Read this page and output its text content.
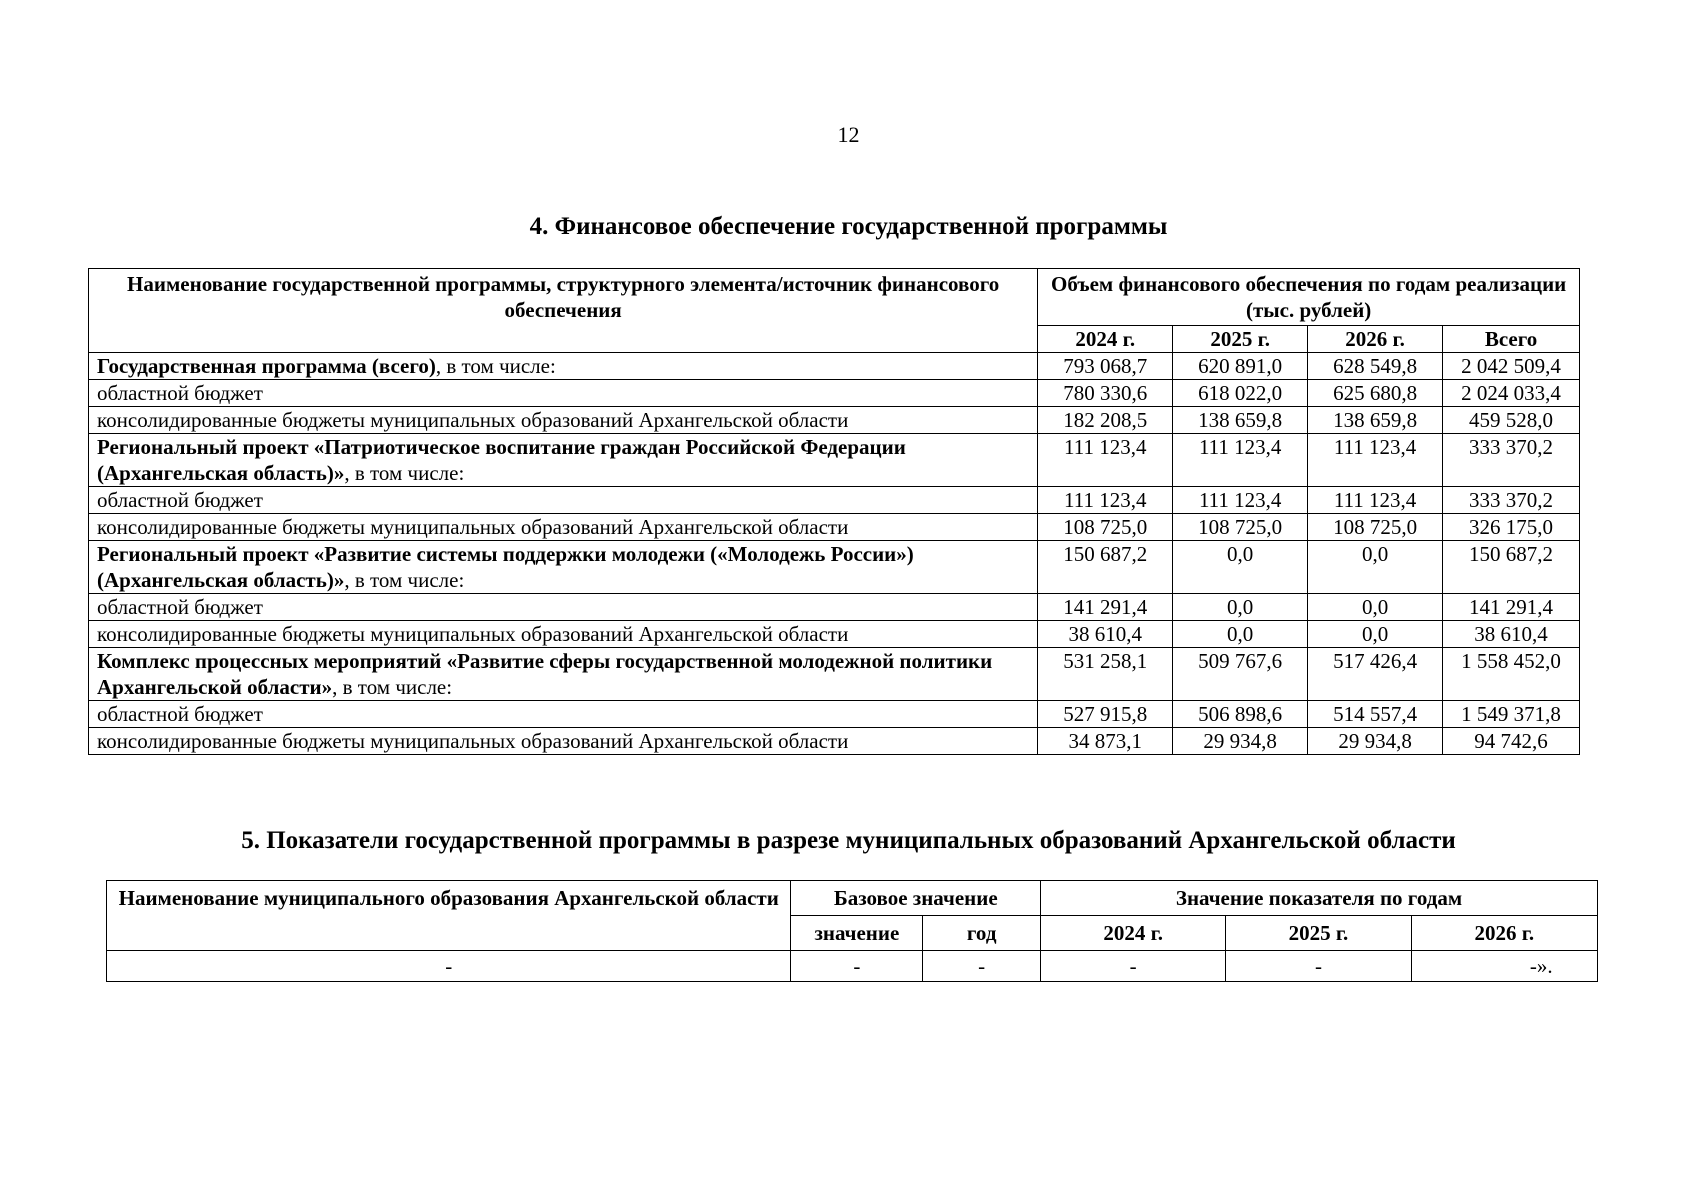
12
4. Финансовое обеспечение государственной программы
Наименование государственной программы, структурного элемента/источник финансового обеспечения	Объем финансового обеспечения по годам реализации (тыс. рублей)			
	2024 г.	2025 г.	2026 г.	Всего
Государственная программа (всего), в том числе:	793 068,7	620 891,0	628 549,8	2 042 509,4
областной бюджет	780 330,6	618 022,0	625 680,8	2 024 033,4
консолидированные бюджеты муниципальных образований Архангельской области	182 208,5	138 659,8	138 659,8	459 528,0
Региональный проект «Патриотическое воспитание граждан Российской Федерации (Архангельская область)», в том числе:	111 123,4	111 123,4	111 123,4	333 370,2
областной бюджет	111 123,4	111 123,4	111 123,4	333 370,2
консолидированные бюджеты муниципальных образований Архангельской области	108 725,0	108 725,0	108 725,0	326 175,0
Региональный проект «Развитие системы поддержки молодежи («Молодежь России») (Архангельская область)», в том числе:	150 687,2	0,0	0,0	150 687,2
областной бюджет	141 291,4	0,0	0,0	141 291,4
консолидированные бюджеты муниципальных образований Архангельской области	38 610,4	0,0	0,0	38 610,4
Комплекс процессных мероприятий «Развитие сферы государственной молодежной политики Архангельской области», в том числе:	531 258,1	509 767,6	517 426,4	1 558 452,0
областной бюджет	527 915,8	506 898,6	514 557,4	1 549 371,8
консолидированные бюджеты муниципальных образований Архангельской области	34 873,1	29 934,8	29 934,8	94 742,6
5. Показатели государственной программы в разрезе муниципальных образований Архангельской области
Наименование муниципального образования Архангельской области	Базовое значение		Значение показателя по годам		
	значение	год	2024 г.	2025 г.	2026 г.
-	-	-	-	-	-».
